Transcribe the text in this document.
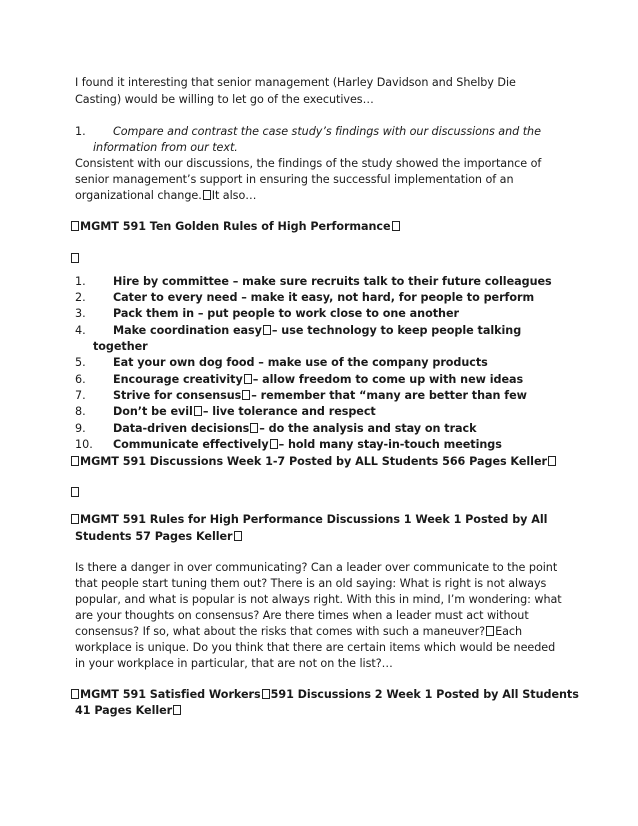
I found it interesting that senior management (Harley Davidson and Shelby Die
Casting) would be willing to let go of the executives…
1. Compare and contrast the case study’s findings with our discussions and the
information from our text.
Consistent with our discussions, the findings of the study showed the importance of
senior management’s support in ensuring the successful implementation of an
organizational change. It also…
MGMT 591 Ten Golden Rules of High Performance
1. Hire by committee – make sure recruits talk to their future colleagues
2. Cater to every need – make it easy, not hard, for people to perform
3. Pack them in – put people to work close to one another
4. Make coordination easy – use technology to keep people talking
together
5. Eat your own dog food – make use of the company products
6. Encourage creativity – allow freedom to come up with new ideas
7. Strive for consensus – remember that “many are better than few
8. Don’t be evil – live tolerance and respect
9. Data-driven decisions – do the analysis and stay on track
10. Communicate effectively – hold many stay-in-touch meetings
MGMT 591 Discussions Week 1-7 Posted by ALL Students 566 Pages Keller
MGMT 591 Rules for High Performance Discussions 1 Week 1 Posted by All
Students 57 Pages Keller
Is there a danger in over communicating? Can a leader over communicate to the point
that people start tuning them out? There is an old saying: What is right is not always
popular, and what is popular is not always right. With this in mind, I’m wondering: what
are your thoughts on consensus? Are there times when a leader must act without
consensus? If so, what about the risks that comes with such a maneuver? Each
workplace is unique. Do you think that there are certain items which would be needed
in your workplace in particular, that are not on the list?…
MGMT 591 Satisfied Workers 591 Discussions 2 Week 1 Posted by All Students
41 Pages Keller
